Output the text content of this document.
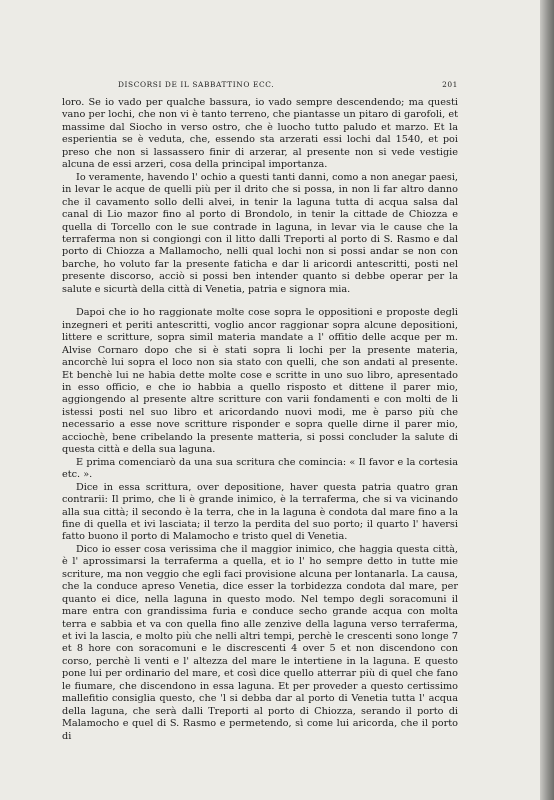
DISCORSI DE IL SABBATTINO ECC.	201

loro. Se io vado per qualche bassura, io vado sempre descendendo; ma questi vano per lochi, che non vi è tanto terreno, che piantasse un pitaro di garofoli, et massime dal Siocho in verso ostro, che è luocho tutto paludo et marzo. Et la esperientia se è veduta, che, essendo sta arzerati essi lochi dal 1540, et poi preso che non si lassassero finir di arzerar, al presente non si vede vestigie alcuna de essi arzeri, cosa della principal importanza.

Io veramente, havendo l' ochio a questi tanti danni, como a non anegar paesi, in levar le acque de quelli più per il drito che si possa, in non li far altro danno che il cavamento sollo delli alvei, in tenir la laguna tutta di acqua salsa dal canal di Lio mazor fino al porto di Brondolo, in tenir la cittade de Chiozza e quella di Torcello con le sue contrade in laguna, in levar via le cause che la terraferma non si congiongi con il litto dalli Treporti al porto di S. Rasmo e dal porto di Chiozza a Mallamocho, nelli qual lochi non si possi andar se non con barche, ho voluto far la presente faticha e dar li aricordi antescritti, posti nel presente discorso, acciò si possi ben intender quanto si debbe operar per la salute e sicurtà della città di Venetia, patria e signora mia.

Dapoi che io ho raggionate molte cose sopra le oppositioni e proposte degli inzegneri et periti antescritti, voglio ancor raggionar sopra alcune depositioni, littere e scritture, sopra simil materia mandate a l' offitio delle acque per m. Alvise Cornaro dopo che si è stati sopra li lochi per la presente materia, ancorchè lui sopra el loco non sia stato con quelli, che son andati al presente. Et benchè lui ne habia dette molte cose e scritte in uno suo libro, apresentado in esso officio, e che io habbia a quello risposto et dittene il parer mio, aggiongendo al presente altre scritture con varii fondamenti e con molti de li istessi posti nel suo libro et aricordando nuovi modi, me è parso più che necessario a esse nove scritture risponder e sopra quelle dirne il parer mio, acciochè, bene cribelando la presente matteria, si possi concluder la salute di questa città e della sua laguna.

E prima comenciarò da una sua scritura che comincia: « Il favor e la cortesia etc. ».

Dice in essa scrittura, over depositione, haver questa patria quatro gran contrarii: Il primo, che li è grande inimico, è la terraferma, che si va vicinando alla sua città; il secondo è la terra, che in la laguna è condota dal mare fino a la fine di quella et ivi lasciata; il terzo la perdita del suo porto; il quarto l' haversi fatto buono il porto di Malamocho e tristo quel di Venetia.

Dico io esser cosa verissima che il maggior inimico, che haggia questa città, è l' aprossimarsi la terraferma a quella, et io l' ho sempre detto in tutte mie scriture, ma non veggio che egli faci provisione alcuna per lontanarla. La causa, che la conduce apreso Venetia, dice esser la torbidezza condota dal mare, per quanto ei dice, nella laguna in questo modo. Nel tempo degli soracomuni il mare entra con grandissima furia e conduce secho grande acqua con molta terra e sabbia et va con quella fino alle zenzive della laguna verso terraferma, et ivi la lascia, e molto più che nelli altri tempi, perchè le crescenti sono longe 7 et 8 hore con soracomuni e le discrescenti 4 over 5 et non discendono con corso, perchè li venti e l' altezza del mare le intertiene in la laguna. E questo pone lui per ordinario del mare, et così dice quello atterrar più di quel che fano le fiumare, che discendono in essa laguna. Et per proveder a questo certissimo mallefitio consiglia questo, che 'l si debba dar al porto di Venetia tutta l' acqua della laguna, che serà dalli Treporti al porto di Chiozza, serando il porto di Malamocho e quel di S. Rasmo e permetendo, sì come lui aricorda, che il porto di
